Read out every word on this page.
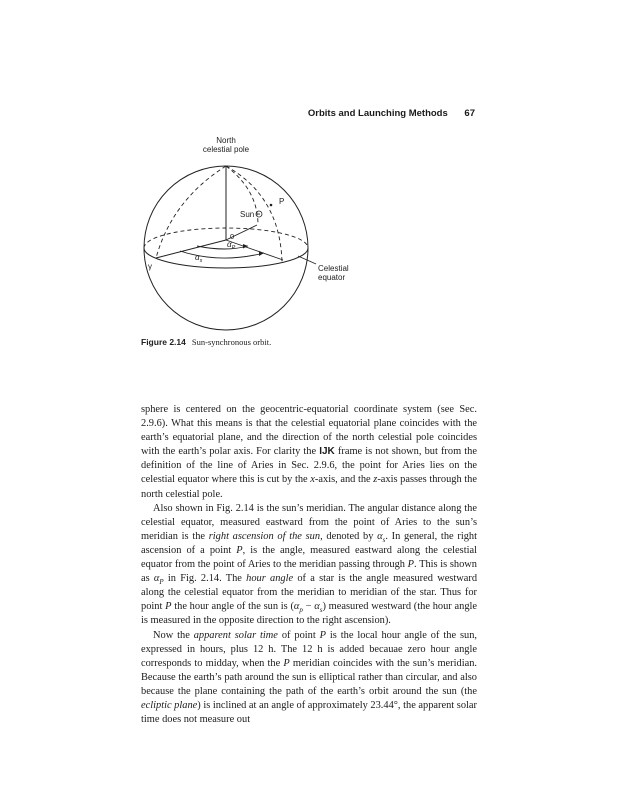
Orbits and Launching Methods 67
North
celestial pole
P
Sun
0
$\alpha_P$
$\alpha_s$
γ	Celestial
equator
Figure 2.14 Sun-synchronous orbit.

sphere is centered on the geocentric-equatorial coordinate system (see Sec. 2.9.6). What this means is that the celestial equatorial plane coincides with the earth’s equatorial plane, and the direction of the north celestial pole coincides with the earth’s polar axis. For clarity the IJK frame is not shown, but from the definition of the line of Aries in Sec. 2.9.6, the point for Aries lies on the celestial equator where this is cut by the x-axis, and the z-axis passes through the north celestial pole.

Also shown in Fig. 2.14 is the sun’s meridian. The angular distance along the celestial equator, measured eastward from the point of Aries to the sun’s meridian is the right ascension of the sun, denoted by $\alpha_s$. In general, the right ascension of a point P, is the angle, measured eastward along the celestial equator from the point of Aries to the meridian passing through P. This is shown as $\alpha_P$ in Fig. 2.14. The hour angle of a star is the angle measured westward along the celestial equator from the meridian to meridian of the star. Thus for point P the hour angle of the sun is $(\alpha_p - \alpha_s)$ measured westward (the hour angle is measured in the opposite direction to the right ascension).

Now the apparent solar time of point P is the local hour angle of the sun, expressed in hours, plus 12 h. The 12 h is added becauae zero hour angle corresponds to midday, when the P meridian coincides with the sun’s meridian. Because the earth’s path around the sun is elliptical rather than circular, and also because the plane containing the path of the earth’s orbit around the sun (the ecliptic plane) is inclined at an angle of approximately 23.44°, the apparent solar time does not measure out
